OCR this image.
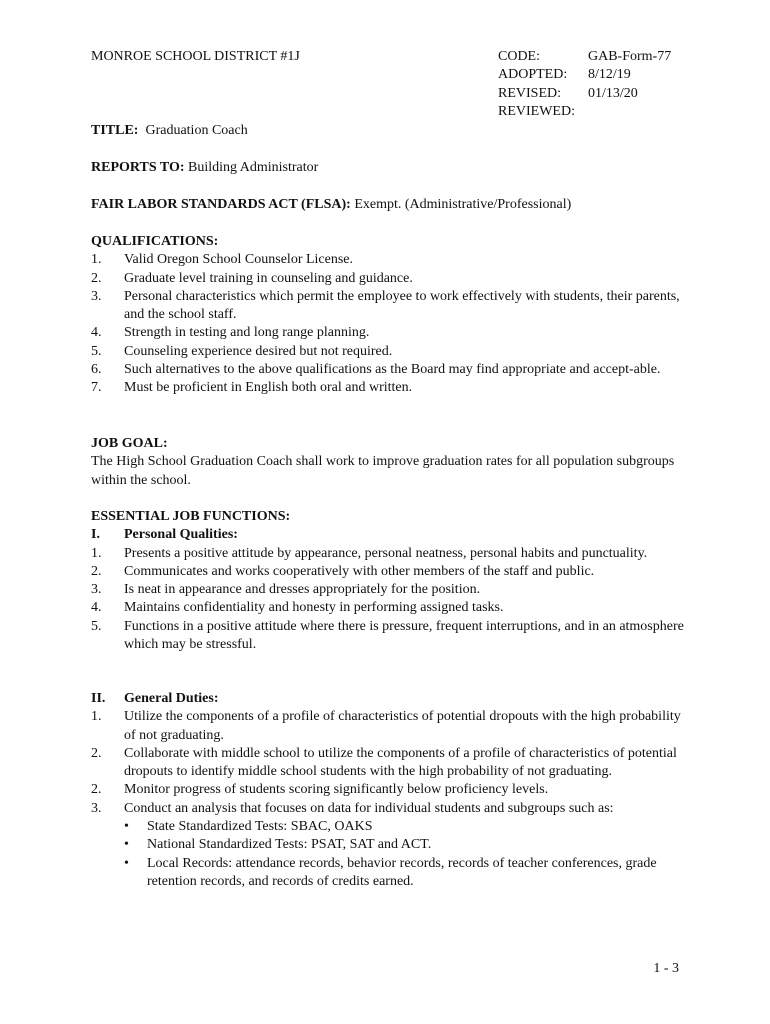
MONROE SCHOOL DISTRICT #1J	CODE:	GAB-Form-77
ADOPTED:	8/12/19
REVISED:	01/13/20
REVIEWED:
TITLE: Graduation Coach
REPORTS TO: Building Administrator
FAIR LABOR STANDARDS ACT (FLSA): Exempt. (Administrative/Professional)
QUALIFICATIONS:
1.	Valid Oregon School Counselor License.
2.	Graduate level training in counseling and guidance.
3.	Personal characteristics which permit the employee to work effectively with students, their parents, and the school staff.
4.	Strength in testing and long range planning.
5.	Counseling experience desired but not required.
6.	Such alternatives to the above qualifications as the Board may find appropriate and accept-able.
7.	Must be proficient in English both oral and written.
JOB GOAL:
The High School Graduation Coach shall work to improve graduation rates for all population subgroups within the school.
ESSENTIAL JOB FUNCTIONS:
I.	Personal Qualities:
1.	Presents a positive attitude by appearance, personal neatness, personal habits and punctuality.
2.	Communicates and works cooperatively with other members of the staff and public.
3.	Is neat in appearance and dresses appropriately for the position.
4.	Maintains confidentiality and honesty in performing assigned tasks.
5.	Functions in a positive attitude where there is pressure, frequent interruptions, and in an atmosphere which may be stressful.
II.	General Duties:
1.	Utilize the components of a profile of characteristics of potential dropouts with the high probability of not graduating.
2.	Collaborate with middle school to utilize the components of a profile of characteristics of potential dropouts to identify middle school students with the high probability of not graduating.
2.	Monitor progress of students scoring significantly below proficiency levels.
3.	Conduct an analysis that focuses on data for individual students and subgroups such as:
•	State Standardized Tests: SBAC, OAKS
•	National Standardized Tests: PSAT, SAT and ACT.
•	Local Records: attendance records, behavior records, records of teacher conferences, grade retention records, and records of credits earned.
1 - 3
